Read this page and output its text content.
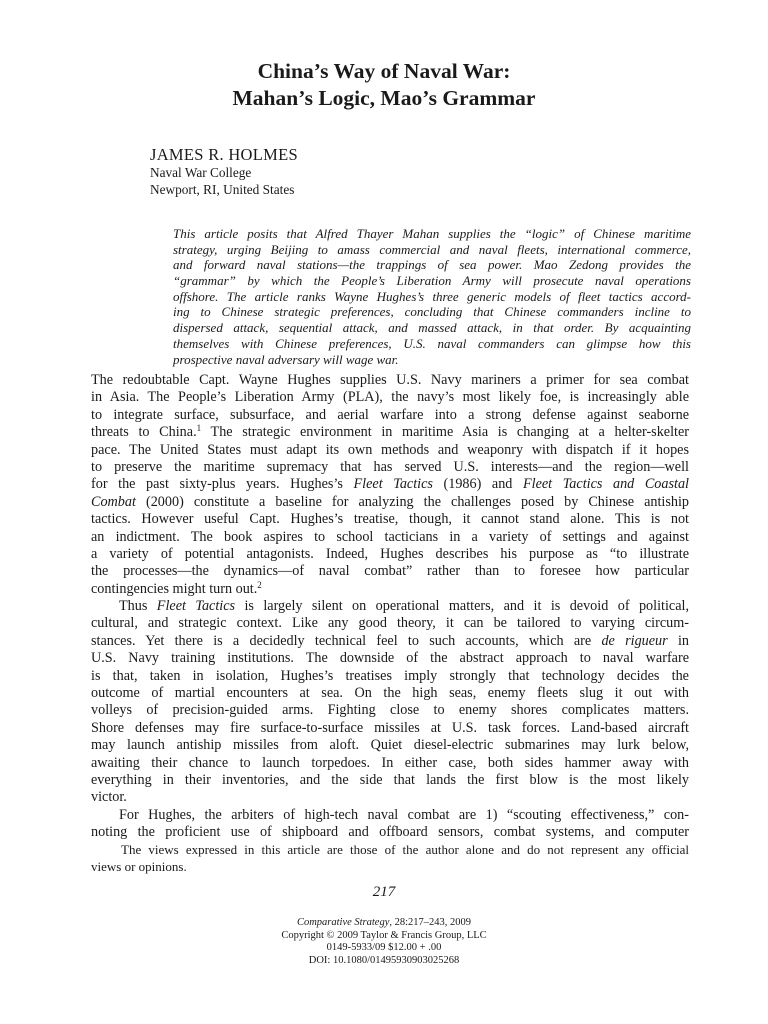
China’s Way of Naval War:
Mahan’s Logic, Mao’s Grammar
JAMES R. HOLMES
Naval War College
Newport, RI, United States
This article posits that Alfred Thayer Mahan supplies the “logic” of Chinese maritime
strategy, urging Beijing to amass commercial and naval fleets, international commerce,
and forward naval stations—the trappings of sea power. Mao Zedong provides the
“grammar” by which the People’s Liberation Army will prosecute naval operations
offshore. The article ranks Wayne Hughes’s three generic models of fleet tactics accord-
ing to Chinese strategic preferences, concluding that Chinese commanders incline to
dispersed attack, sequential attack, and massed attack, in that order. By acquainting
themselves with Chinese preferences, U.S. naval commanders can glimpse how this
prospective naval adversary will wage war.
The redoubtable Capt. Wayne Hughes supplies U.S. Navy mariners a primer for sea combat
in Asia. The People’s Liberation Army (PLA), the navy’s most likely foe, is increasingly able
to integrate surface, subsurface, and aerial warfare into a strong defense against seaborne
threats to China.$^1$ The strategic environment in maritime Asia is changing at a helter-skelter
pace. The United States must adapt its own methods and weaponry with dispatch if it hopes
to preserve the maritime supremacy that has served U.S. interests—and the region—well
for the past sixty-plus years. Hughes’s Fleet Tactics (1986) and Fleet Tactics and Coastal
Combat (2000) constitute a baseline for analyzing the challenges posed by Chinese antiship
tactics. However useful Capt. Hughes’s treatise, though, it cannot stand alone. This is not
an indictment. The book aspires to school tacticians in a variety of settings and against
a variety of potential antagonists. Indeed, Hughes describes his purpose as “to illustrate
the processes—the dynamics—of naval combat” rather than to foresee how particular
contingencies might turn out.$^2$
Thus Fleet Tactics is largely silent on operational matters, and it is devoid of political,
cultural, and strategic context. Like any good theory, it can be tailored to varying circum-
stances. Yet there is a decidedly technical feel to such accounts, which are de rigueur in
U.S. Navy training institutions. The downside of the abstract approach to naval warfare
is that, taken in isolation, Hughes’s treatises imply strongly that technology decides the
outcome of martial encounters at sea. On the high seas, enemy fleets slug it out with
volleys of precision-guided arms. Fighting close to enemy shores complicates matters.
Shore defenses may fire surface-to-surface missiles at U.S. task forces. Land-based aircraft
may launch antiship missiles from aloft. Quiet diesel-electric submarines may lurk below,
awaiting their chance to launch torpedoes. In either case, both sides hammer away with
everything in their inventories, and the side that lands the first blow is the most likely
victor.
For Hughes, the arbiters of high-tech naval combat are 1) “scouting effectiveness,” con-
noting the proficient use of shipboard and offboard sensors, combat systems, and computer
The views expressed in this article are those of the author alone and do not represent any official
views or opinions.
217
Comparative Strategy, 28:217–243, 2009
Copyright © 2009 Taylor & Francis Group, LLC
0149-5933/09 $12.00 + .00
DOI: 10.1080/01495930903025268
